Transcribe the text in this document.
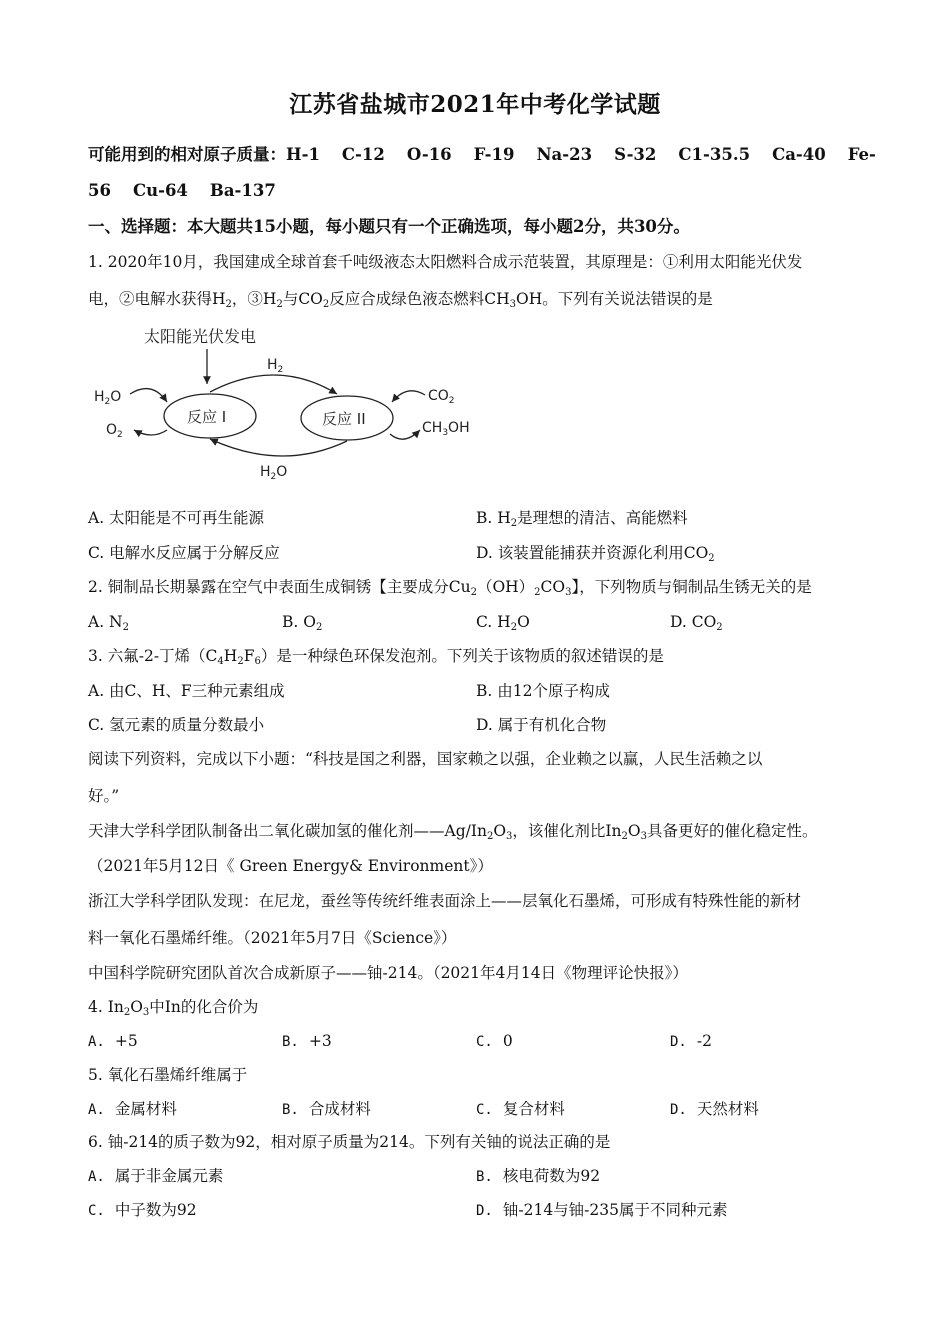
江苏省盐城市2021年中考化学试题
可能用到的相对原子质量：H-1 C-12 O-16 F-19 Na-23 S-32 C1-35.5 Ca-40 Fe-
56 Cu-64 Ba-137
一、选择题：本大题共15小题，每小题只有一个正确选项，每小题2分，共30分。
1. 2020年10月，我国建成全球首套千吨级液态太阳燃料合成示范装置，其原理是：①利用太阳能光伏发
电，②电解水获得$H_2$，$③H_2$与$CO_2$反应合成绿色液态燃料$CH_3OH$。下列有关说法错误的是
太阳能光伏发电
反应 I	反应 II
$H_2$
$H_2O$
$H_2O$
$O_2$
$CO_2$
$CH_3OH$
A. 太阳能是不可再生能源	B. $H_2$是理想的清洁、高能燃料
C. 电解水反应属于分解反应	D. 该装置能捕获并资源化利用$CO_2$
2. 铜制品长期暴露在空气中表面生成铜锈【主要成分$Cu_2(OH)_2CO_3$】，下列物质与铜制品生锈无关的是
A. $N_2$	B. $O_2$	C. $H_2O$	D. $CO_2$
3. 六氟-2-丁烯$(C_4H_2F_6)$是一种绿色环保发泡剂。下列关于该物质的叙述错误的是
A. 由C、H、F三种元素组成	B. 由12个原子构成
C. 氢元素的质量分数最小	D. 属于有机化合物
阅读下列资料，完成以下小题：“科技是国之利器，国家赖之以强，企业赖之以赢，人民生活赖之以
好。”
天津大学科学团队制备出二氧化碳加氢的催化剂$——Ag/In_2O_3$，该催化剂比$In_2O_3$具备更好的催化稳定性。
（2021年5月12日《 Green Energy& Environment》）
浙江大学科学团队发现：在尼龙，蚕丝等传统纤维表面涂上——层氧化石墨烯，可形成有特殊性能的新材
料一氧化石墨烯纤维。（2021年5月7日《Science》）
中国科学院研究团队首次合成新原子——铀-214。（2021年4月14日《物理评论快报》）
4. $In_2O_3$中In的化合价为
A. +5	B. +3	C. 0	D. -2
5. 氧化石墨烯纤维属于
A. 金属材料	B. 合成材料	C. 复合材料	D. 天然材料
6. 铀-214的质子数为92，相对原子质量为214。下列有关铀的说法正确的是
A. 属于非金属元素	B. 核电荷数为92
C. 中子数为92	D. 铀-214与铀-235属于不同种元素
